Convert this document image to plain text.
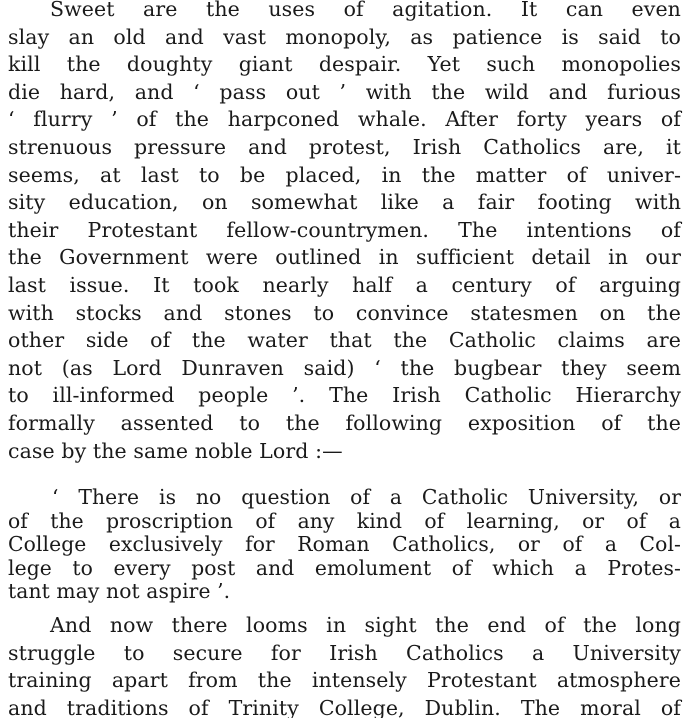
Sweet are the uses of agitation. It can even
slay an old and vast monopoly, as patience is said to
kill the doughty giant despair. Yet such monopolies
die hard, and ‘ pass out ’ with the wild and furious
‘ flurry ’ of the harpconed whale. After forty years of
strenuous pressure and protest, Irish Catholics are, it
seems, at last to be placed, in the matter of univer-
sity education, on somewhat like a fair footing with
their Protestant fellow-countrymen. The intentions of
the Government were outlined in sufficient detail in our
last issue. It took nearly half a century of arguing
with stocks and stones to convince statesmen on the
other side of the water that the Catholic claims are
not (as Lord Dunraven said) ‘ the bugbear they seem
to ill-informed people ’. The Irish Catholic Hierarchy
formally assented to the following exposition of the
case by the same noble Lord :—
‘ There is no question of a Catholic University, or
of the proscription of any kind of learning, or of a
College exclusively for Roman Catholics, or of a Col-
lege to every post and emolument of which a Protes-
tant may not aspire ’.
And now there looms in sight the end of the long
struggle to secure for Irish Catholics a University
training apart from the intensely Protestant atmosphere
and traditions of Trinity College, Dublin. The moral of
